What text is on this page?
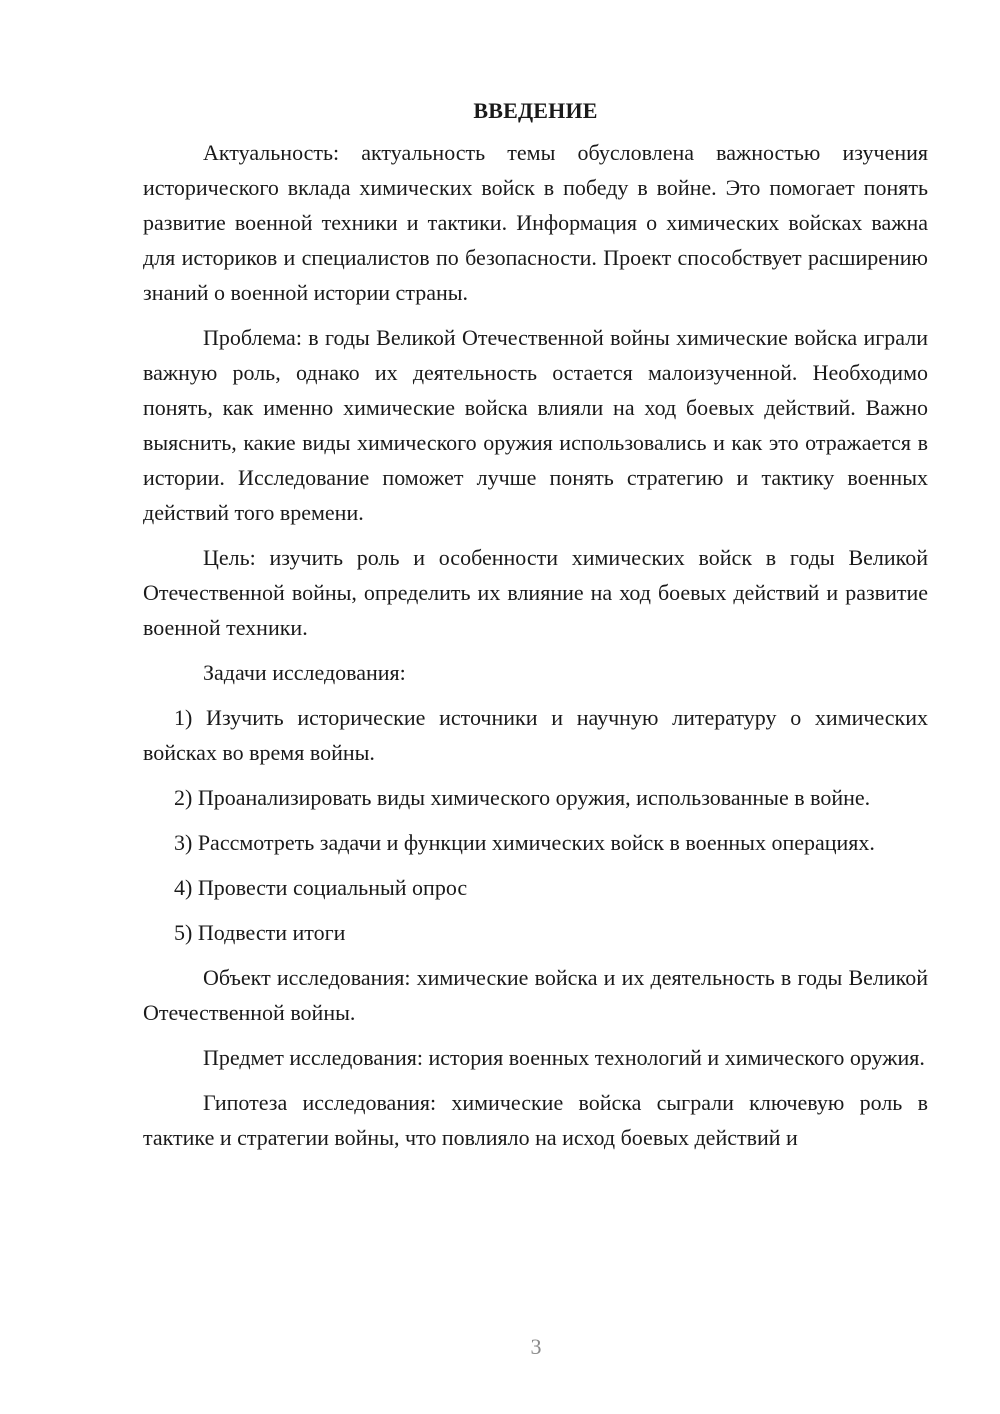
ВВЕДЕНИЕ

Актуальность: актуальность темы обусловлена важностью изучения исторического вклада химических войск в победу в войне. Это помогает понять развитие военной техники и тактики. Информация о химических войсках важна для историков и специалистов по безопасности. Проект способствует расширению знаний о военной истории страны.

Проблема: в годы Великой Отечественной войны химические войска играли важную роль, однако их деятельность остается малоизученной. Необходимо понять, как именно химические войска влияли на ход боевых действий. Важно выяснить, какие виды химического оружия использовались и как это отражается в истории. Исследование поможет лучше понять стратегию и тактику военных действий того времени.

Цель: изучить роль и особенности химических войск в годы Великой Отечественной войны, определить их влияние на ход боевых действий и развитие военной техники.

Задачи исследования:

1) Изучить исторические источники и научную литературу о химических войсках во время войны.

2) Проанализировать виды химического оружия, использованные в войне.

3) Рассмотреть задачи и функции химических войск в военных операциях.

4) Провести социальный опрос

5) Подвести итоги

Объект исследования: химические войска и их деятельность в годы Великой Отечественной войны.

Предмет исследования: история военных технологий и химического оружия.

Гипотеза исследования: химические войска сыграли ключевую роль в тактике и стратегии войны, что повлияло на исход боевых действий и

3
